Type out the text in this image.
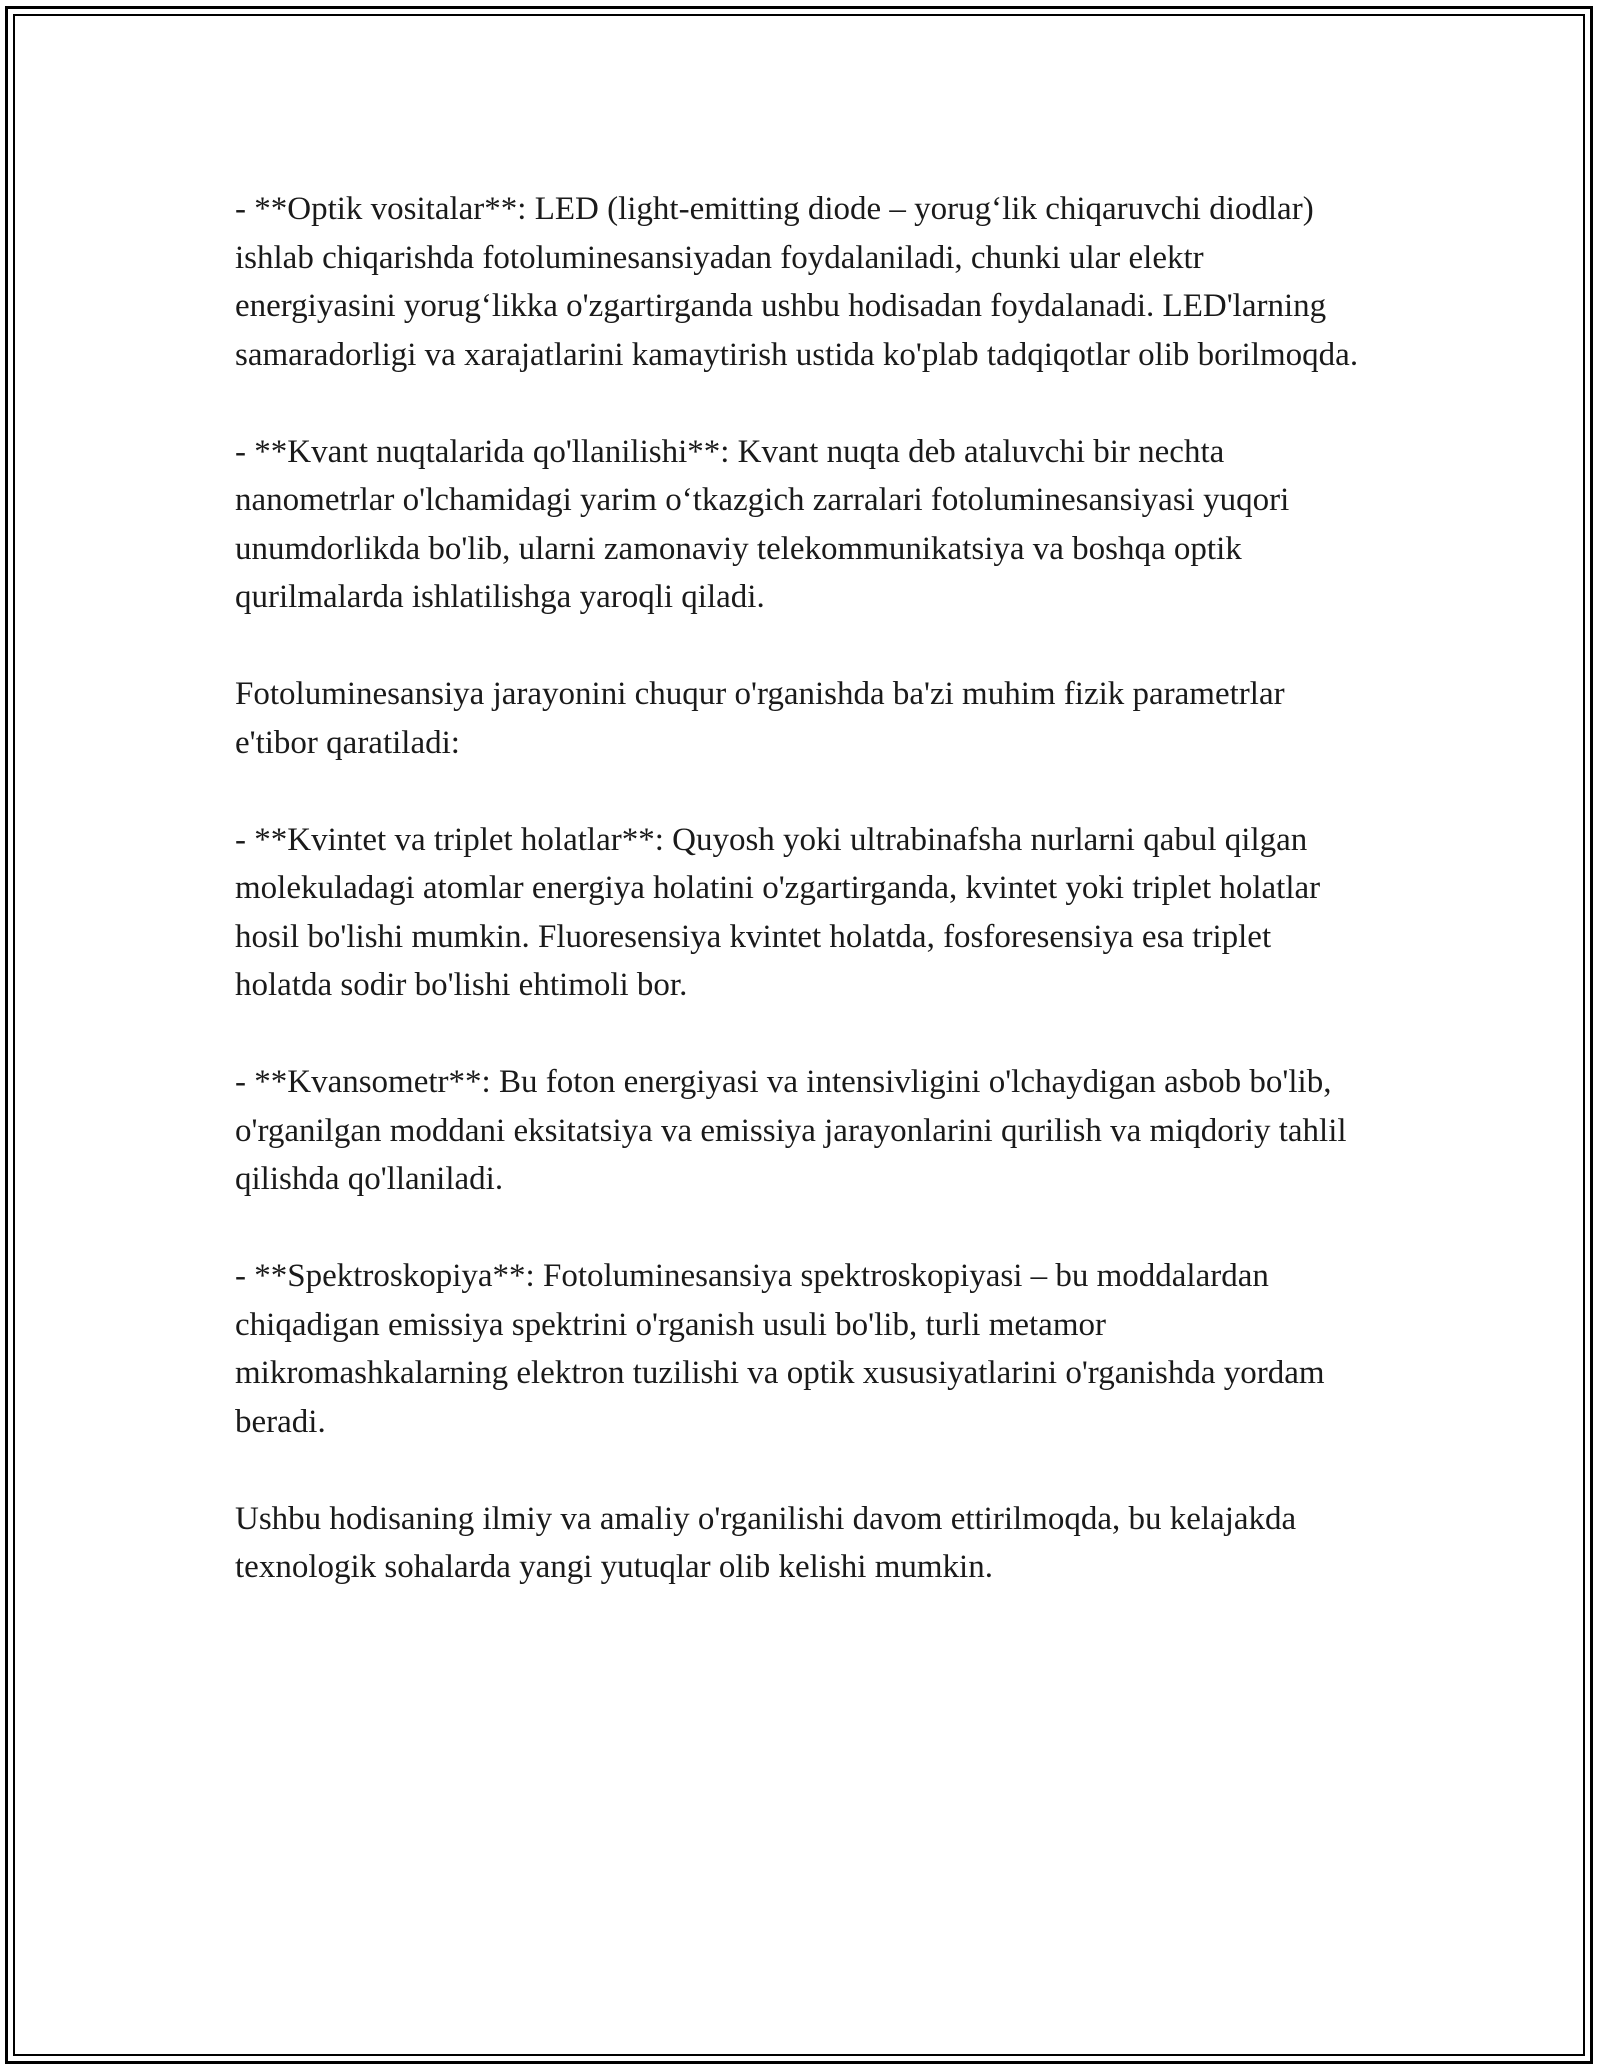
- **Optik vositalar**: LED (light-emitting diode – yorug‘lik chiqaruvchi diodlar) ishlab chiqarishda fotoluminesansiyadan foydalaniladi, chunki ular elektr energiyasini yorug‘likka o'zgartirganda ushbu hodisadan foydalanadi. LED'larning samaradorligi va xarajatlarini kamaytirish ustida ko'plab tadqiqotlar olib borilmoqda.

- **Kvant nuqtalarida qo'llanilishi**: Kvant nuqta deb ataluvchi bir nechta nanometrlar o'lchamidagi yarim o‘tkazgich zarralari fotoluminesansiyasi yuqori unumdorlikda bo'lib, ularni zamonaviy telekommunikatsiya va boshqa optik qurilmalarda ishlatilishga yaroqli qiladi.

Fotoluminesansiya jarayonini chuqur o'rganishda ba'zi muhim fizik parametrlar e'tibor qaratiladi:

- **Kvintet va triplet holatlar**: Quyosh yoki ultrabinafsha nurlarni qabul qilgan molekuladagi atomlar energiya holatini o'zgartirganda, kvintet yoki triplet holatlar hosil bo'lishi mumkin. Fluoresensiya kvintet holatda, fosforesensiya esa triplet holatda sodir bo'lishi ehtimoli bor.

- **Kvansometr**: Bu foton energiyasi va intensivligini o'lchaydigan asbob bo'lib, o'rganilgan moddani eksitatsiya va emissiya jarayonlarini qurilish va miqdoriy tahlil qilishda qo'llaniladi.

- **Spektroskopiya**: Fotoluminesansiya spektroskopiyasi – bu moddalardan chiqadigan emissiya spektrini o'rganish usuli bo'lib, turli metamor mikromashkalarning elektron tuzilishi va optik xususiyatlarini o'rganishda yordam beradi.

Ushbu hodisaning ilmiy va amaliy o'rganilishi davom ettirilmoqda, bu kelajakda texnologik sohalarda yangi yutuqlar olib kelishi mumkin.
